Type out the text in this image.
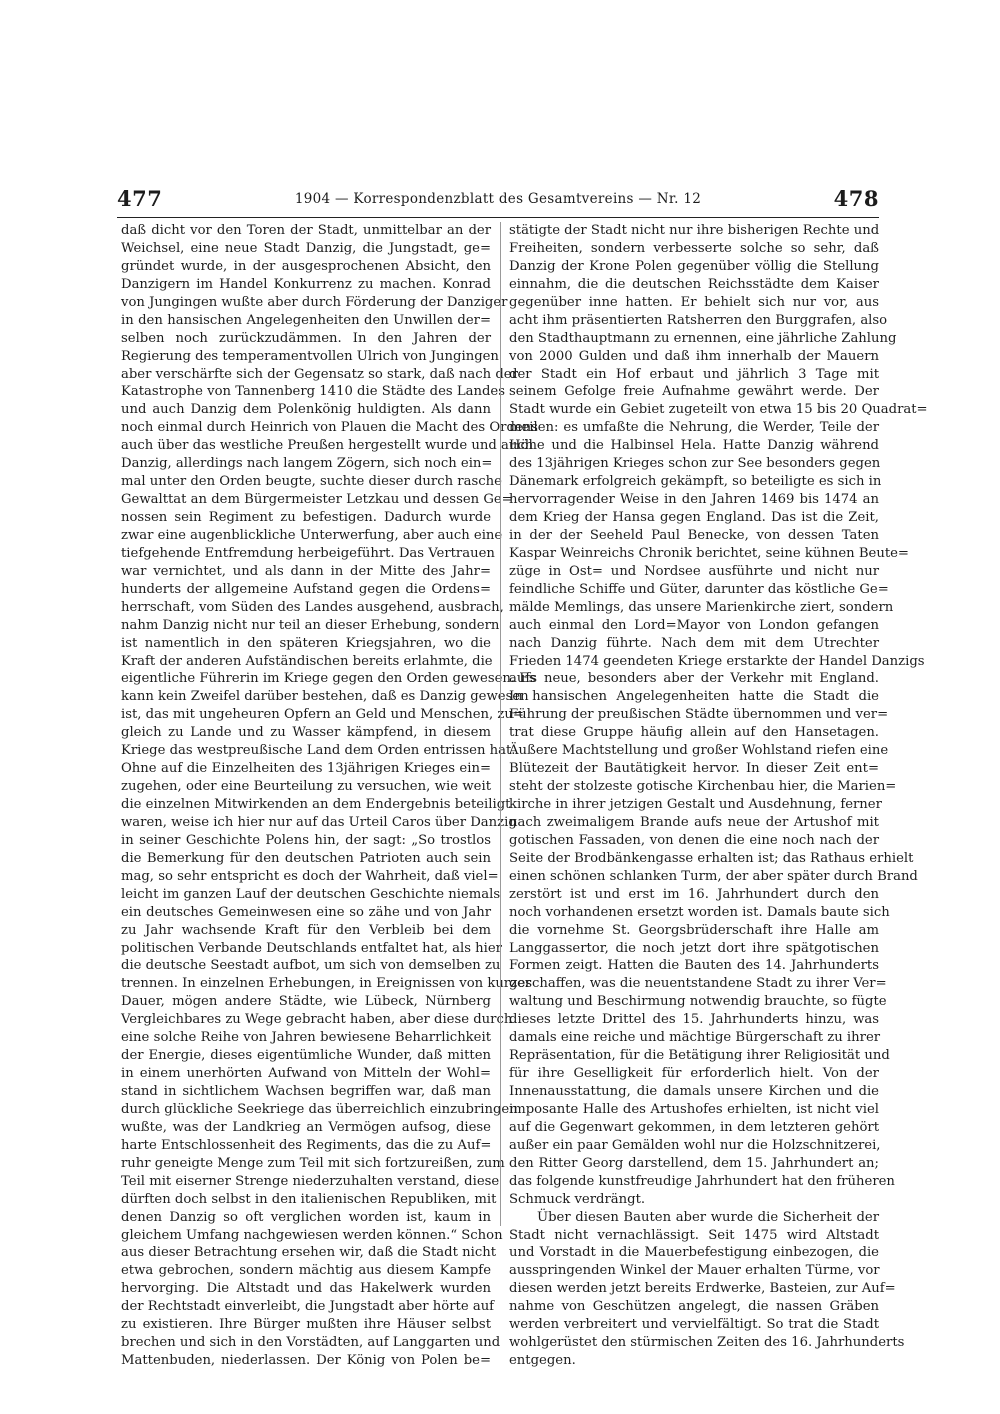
477	1904 — Korrespondenzblatt des Gesamtvereins — Nr. 12	478
daß dicht vor den Toren der Stadt, unmittelbar an der
Weichsel, eine neue Stadt Danzig, die Jungstadt, ge=
gründet wurde, in der ausgesprochenen Absicht, den
Danzigern im Handel Konkurrenz zu machen. Konrad
von Jungingen wußte aber durch Förderung der Danziger
in den hansischen Angelegenheiten den Unwillen der=
selben noch zurückzudämmen. In den Jahren der
Regierung des temperamentvollen Ulrich von Jungingen
aber verschärfte sich der Gegensatz so stark, daß nach der
Katastrophe von Tannenberg 1410 die Städte des Landes
und auch Danzig dem Polenkönig huldigten. Als dann
noch einmal durch Heinrich von Plauen die Macht des Ordens
auch über das westliche Preußen hergestellt wurde und auch
Danzig, allerdings nach langem Zögern, sich noch ein=
mal unter den Orden beugte, suchte dieser durch rasche
Gewalttat an dem Bürgermeister Letzkau und dessen Ge=
nossen sein Regiment zu befestigen. Dadurch wurde
zwar eine augenblickliche Unterwerfung, aber auch eine
tiefgehende Entfremdung herbeigeführt. Das Vertrauen
war vernichtet, und als dann in der Mitte des Jahr=
hunderts der allgemeine Aufstand gegen die Ordens=
herrschaft, vom Süden des Landes ausgehend, ausbrach,
nahm Danzig nicht nur teil an dieser Erhebung, sondern
ist namentlich in den späteren Kriegsjahren, wo die
Kraft der anderen Aufständischen bereits erlahmte, die
eigentliche Führerin im Kriege gegen den Orden gewesen. Es
kann kein Zweifel darüber bestehen, daß es Danzig gewesen
ist, das mit ungeheuren Opfern an Geld und Menschen, zu=
gleich zu Lande und zu Wasser kämpfend, in diesem
Kriege das westpreußische Land dem Orden entrissen hat.
Ohne auf die Einzelheiten des 13jährigen Krieges ein=
zugehen, oder eine Beurteilung zu versuchen, wie weit
die einzelnen Mitwirkenden an dem Endergebnis beteiligt
waren, weise ich hier nur auf das Urteil Caros über Danzig
in seiner Geschichte Polens hin, der sagt: „So trostlos
die Bemerkung für den deutschen Patrioten auch sein
mag, so sehr entspricht es doch der Wahrheit, daß viel=
leicht im ganzen Lauf der deutschen Geschichte niemals
ein deutsches Gemeinwesen eine so zähe und von Jahr
zu Jahr wachsende Kraft für den Verbleib bei dem
politischen Verbande Deutschlands entfaltet hat, als hier
die deutsche Seestadt aufbot, um sich von demselben zu
trennen. In einzelnen Erhebungen, in Ereignissen von kurzer
Dauer, mögen andere Städte, wie Lübeck, Nürnberg
Vergleichbares zu Wege gebracht haben, aber diese durch
eine solche Reihe von Jahren bewiesene Beharrlichkeit
der Energie, dieses eigentümliche Wunder, daß mitten
in einem unerhörten Aufwand von Mitteln der Wohl=
stand in sichtlichem Wachsen begriffen war, daß man
durch glückliche Seekriege das überreichlich einzubringen
wußte, was der Landkrieg an Vermögen aufsog, diese
harte Entschlossenheit des Regiments, das die zu Auf=
ruhr geneigte Menge zum Teil mit sich fortzureißen, zum
Teil mit eiserner Strenge niederzuhalten verstand, diese
dürften doch selbst in den italienischen Republiken, mit
denen Danzig so oft verglichen worden ist, kaum in
gleichem Umfang nachgewiesen werden können.“ Schon
aus dieser Betrachtung ersehen wir, daß die Stadt nicht
etwa gebrochen, sondern mächtig aus diesem Kampfe
hervorging. Die Altstadt und das Hakelwerk wurden
der Rechtstadt einverleibt, die Jungstadt aber hörte auf
zu existieren. Ihre Bürger mußten ihre Häuser selbst
brechen und sich in den Vorstädten, auf Langgarten und
Mattenbuden, niederlassen. Der König von Polen be=
stätigte der Stadt nicht nur ihre bisherigen Rechte und
Freiheiten, sondern verbesserte solche so sehr, daß
Danzig der Krone Polen gegenüber völlig die Stellung
einnahm, die die deutschen Reichsstädte dem Kaiser
gegenüber inne hatten. Er behielt sich nur vor, aus
acht ihm präsentierten Ratsherren den Burggrafen, also
den Stadthauptmann zu ernennen, eine jährliche Zahlung
von 2000 Gulden und daß ihm innerhalb der Mauern
der Stadt ein Hof erbaut und jährlich 3 Tage mit
seinem Gefolge freie Aufnahme gewährt werde. Der
Stadt wurde ein Gebiet zugeteilt von etwa 15 bis 20 Quadrat=
meilen: es umfaßte die Nehrung, die Werder, Teile der
Höhe und die Halbinsel Hela. Hatte Danzig während
des 13jährigen Krieges schon zur See besonders gegen
Dänemark erfolgreich gekämpft, so beteiligte es sich in
hervorragender Weise in den Jahren 1469 bis 1474 an
dem Krieg der Hansa gegen England. Das ist die Zeit,
in der der Seeheld Paul Benecke, von dessen Taten
Kaspar Weinreichs Chronik berichtet, seine kühnen Beute=
züge in Ost= und Nordsee ausführte und nicht nur
feindliche Schiffe und Güter, darunter das köstliche Ge=
mälde Memlings, das unsere Marienkirche ziert, sondern
auch einmal den Lord=Mayor von London gefangen
nach Danzig führte. Nach dem mit dem Utrechter
Frieden 1474 geendeten Kriege erstarkte der Handel Danzigs
aufs neue, besonders aber der Verkehr mit England.
In hansischen Angelegenheiten hatte die Stadt die
Führung der preußischen Städte übernommen und ver=
trat diese Gruppe häufig allein auf den Hansetagen.
Äußere Machtstellung und großer Wohlstand riefen eine
Blütezeit der Bautätigkeit hervor. In dieser Zeit ent=
steht der stolzeste gotische Kirchenbau hier, die Marien=
kirche in ihrer jetzigen Gestalt und Ausdehnung, ferner
nach zweimaligem Brande aufs neue der Artushof mit
gotischen Fassaden, von denen die eine noch nach der
Seite der Brodbänkengasse erhalten ist; das Rathaus erhielt
einen schönen schlanken Turm, der aber später durch Brand
zerstört ist und erst im 16. Jahrhundert durch den
noch vorhandenen ersetzt worden ist. Damals baute sich
die vornehme St. Georgsbrüderschaft ihre Halle am
Langgassertor, die noch jetzt dort ihre spätgotischen
Formen zeigt. Hatten die Bauten des 14. Jahrhunderts
geschaffen, was die neuentstandene Stadt zu ihrer Ver=
waltung und Beschirmung notwendig brauchte, so fügte
dieses letzte Drittel des 15. Jahrhunderts hinzu, was
damals eine reiche und mächtige Bürgerschaft zu ihrer
Repräsentation, für die Betätigung ihrer Religiosität und
für ihre Geselligkeit für erforderlich hielt. Von der
Innenausstattung, die damals unsere Kirchen und die
imposante Halle des Artushofes erhielten, ist nicht viel
auf die Gegenwart gekommen, in dem letzteren gehört
außer ein paar Gemälden wohl nur die Holzschnitzerei,
den Ritter Georg darstellend, dem 15. Jahrhundert an;
das folgende kunstfreudige Jahrhundert hat den früheren
Schmuck verdrängt.
Über diesen Bauten aber wurde die Sicherheit der
Stadt nicht vernachlässigt. Seit 1475 wird Altstadt
und Vorstadt in die Mauerbefestigung einbezogen, die
ausspringenden Winkel der Mauer erhalten Türme, vor
diesen werden jetzt bereits Erdwerke, Basteien, zur Auf=
nahme von Geschützen angelegt, die nassen Gräben
werden verbreitert und vervielfältigt. So trat die Stadt
wohlgerüstet den stürmischen Zeiten des 16. Jahrhunderts
entgegen.
